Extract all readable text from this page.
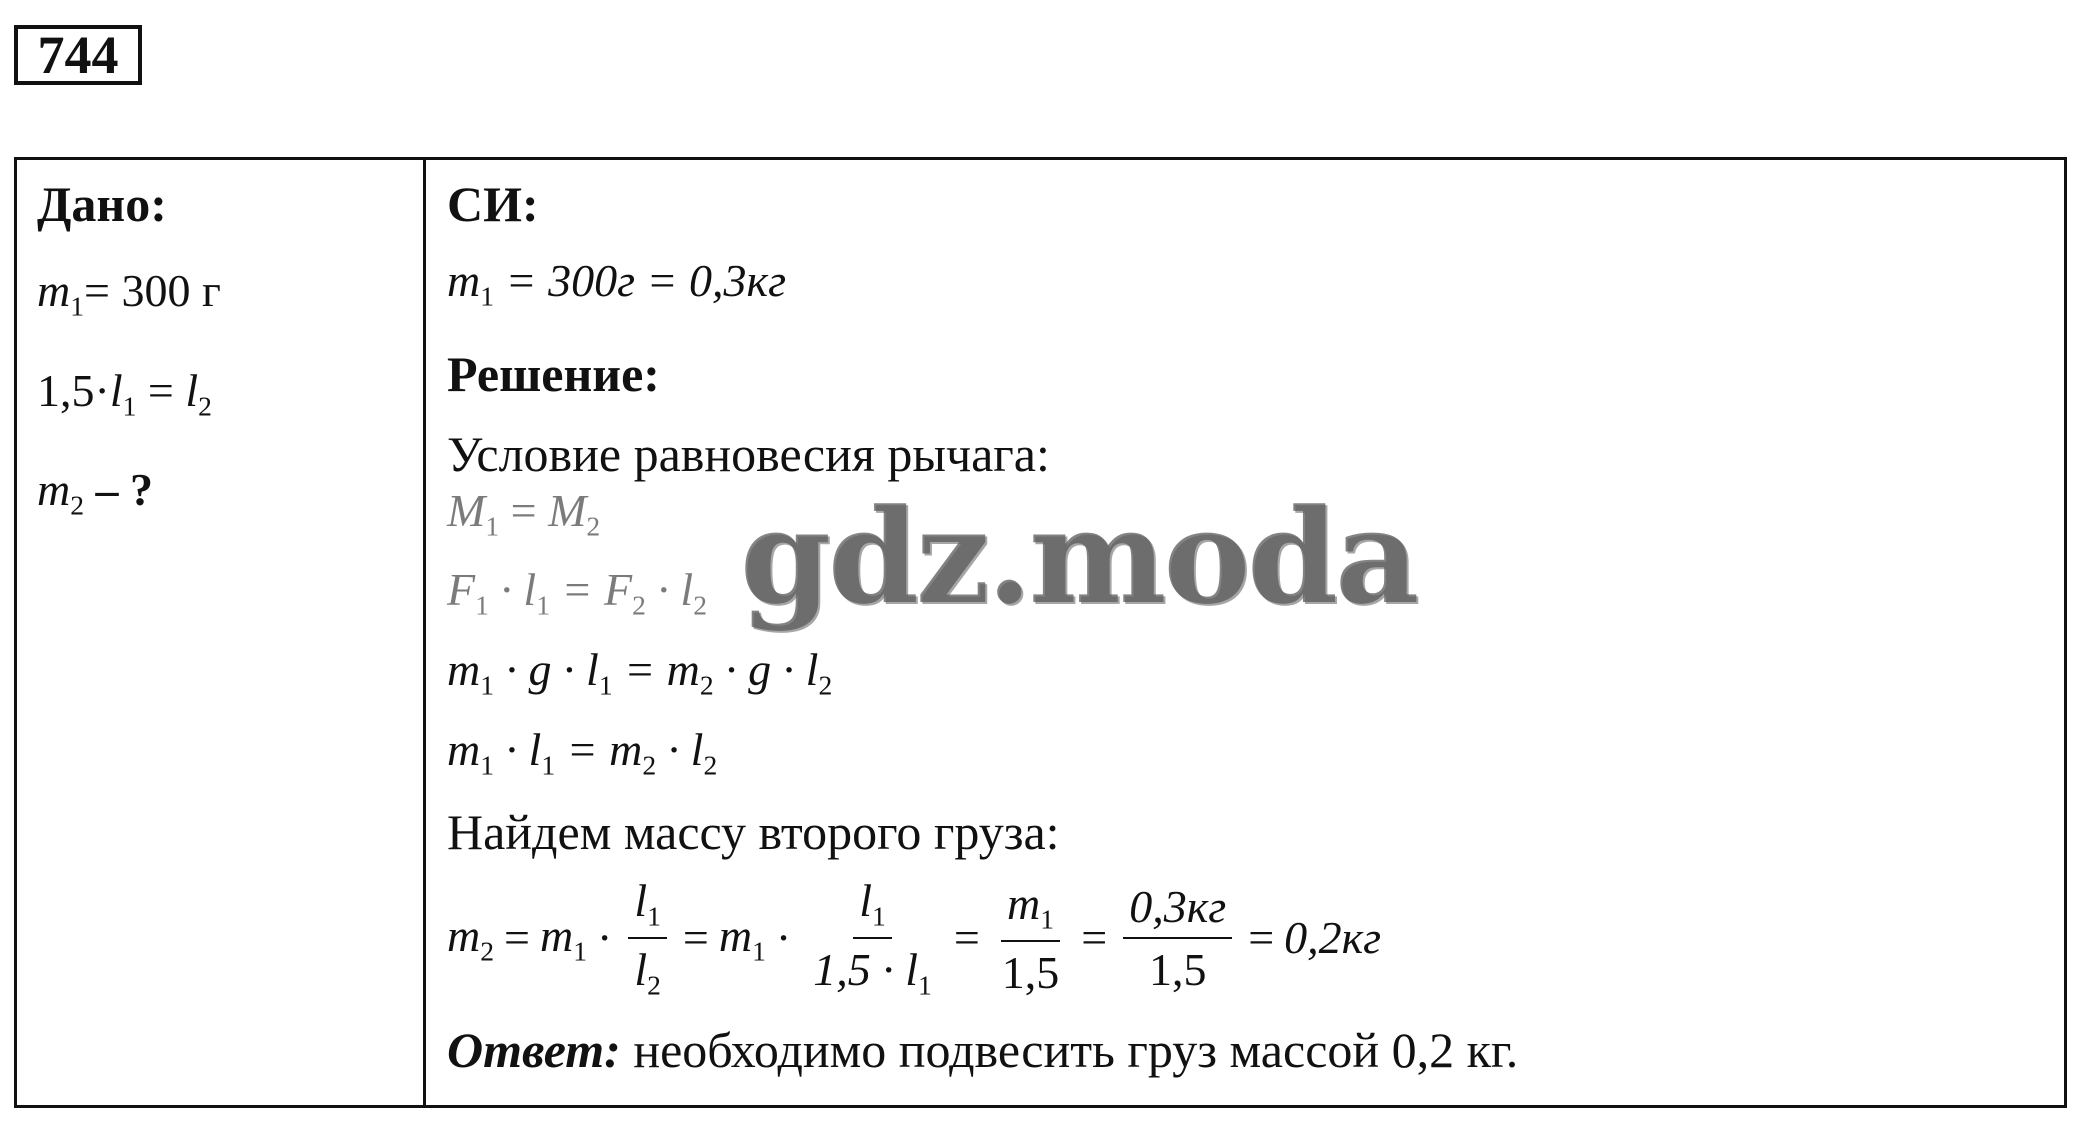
744
Дано:
$m_1= 300$ г
$1,5\cdot l_1 = l_2$
$m_2$ – ?
СИ:
$m_1 = 300г = 0,3кг$
Решение:
Условие равновесия рычага:
$M_1 = M_2$
$F_1 \cdot l_1 = F_2 \cdot l_2$
$m_1 \cdot g \cdot l_1 = m_2 \cdot g \cdot l_2$
$m_1 \cdot l_1 = m_2 \cdot l_2$
Найдем массу второго груза:
$m_2 = m_1 \cdot \frac{l_1}{l_2} = m_1 \cdot \frac{l_1}{1,5 \cdot l_1} = \frac{m_1}{1,5} = \frac{0,3кг}{1,5} = 0,2кг$
Ответ: необходимо подвесить груз массой 0,2 кг.
gdz.moda
